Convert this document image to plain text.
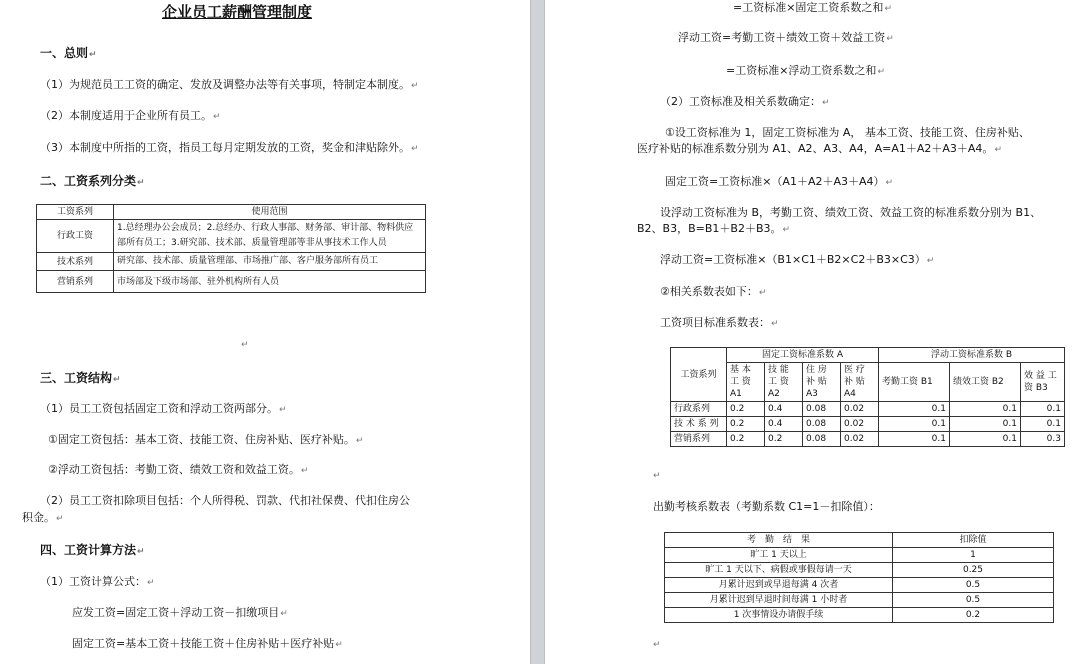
企业员工薪酬管理制度
一、总则↵
（1）为规范员工工资的确定、发放及调整办法等有关事项，特制定本制度。↵
（2）本制度适用于企业所有员工。↵
（3）本制度中所指的工资，指员工每月定期发放的工资，奖金和津贴除外。↵
二、工资系列分类↵
工资系列	使用范围
行政工资	1.总经理办公会成员；2.总经办、行政人事部、财务部、审计部、物料供应部所有员工；3.研究部、技术部、质量管理部等非从事技术工作人员
技术系列	研究部、技术部、质量管理部、市场推广部、客户服务部所有员工
营销系列	市场部及下级市场部、驻外机构所有人员
↵
三、工资结构↵
（1）员工工资包括固定工资和浮动工资两部分。↵
①固定工资包括：基本工资、技能工资、住房补贴、医疗补贴。↵
②浮动工资包括：考勤工资、绩效工资和效益工资。↵
（2）员工工资扣除项目包括：个人所得税、罚款、代扣社保费、代扣住房公
积金。↵
四、工资计算方法↵
（1）工资计算公式：↵
应发工资=固定工资＋浮动工资－扣缴项目↵
固定工资=基本工资＋技能工资＋住房补贴＋医疗补贴↵
=工资标准×固定工资系数之和↵
浮动工资=考勤工资＋绩效工资＋效益工资↵
=工资标准×浮动工资系数之和↵
（2）工资标准及相关系数确定：↵
①设工资标准为 1，固定工资标准为 A， 基本工资、技能工资、住房补贴、
医疗补贴的标准系数分别为 A1、A2、A3、A4，A=A1＋A2＋A3＋A4。↵
固定工资=工资标准×（A1＋A2＋A3＋A4）↵
设浮动工资标准为 B，考勤工资、绩效工资、效益工资的标准系数分别为 B1、
B2、B3，B=B1＋B2＋B3。↵
浮动工资=工资标准×（B1×C1＋B2×C2＋B3×C3）↵
②相关系数表如下：↵
工资项目标准系数表：↵
工资系列	固定工资标准系数 A				浮动工资标准系数 B		
	基 本 工 资 A1	技 能 工 资 A2	住 房 补 贴 A3	医 疗 补 贴 A4	考勤工资 B1	绩效工资 B2	效 益 工 资 B3
行政系列	0.2	0.4	0.08	0.02	0.1	0.1	0.1
技 术 系 列	0.2	0.4	0.08	0.02	0.1	0.1	0.1
营销系列	0.2	0.2	0.08	0.02	0.1	0.1	0.3
↵
出勤考核系数表（考勤系数 C1=1－扣除值）：
考　勤　结　果	扣除值
旷工 1 天以上	1
旷工 1 天以下、病假或事假每请一天	0.25
月累计迟到或早退每满 4 次者	0.5
月累计迟到早退时间每满 1 小时者	0.5
1 次事情设办请假手续	0.2
↵
